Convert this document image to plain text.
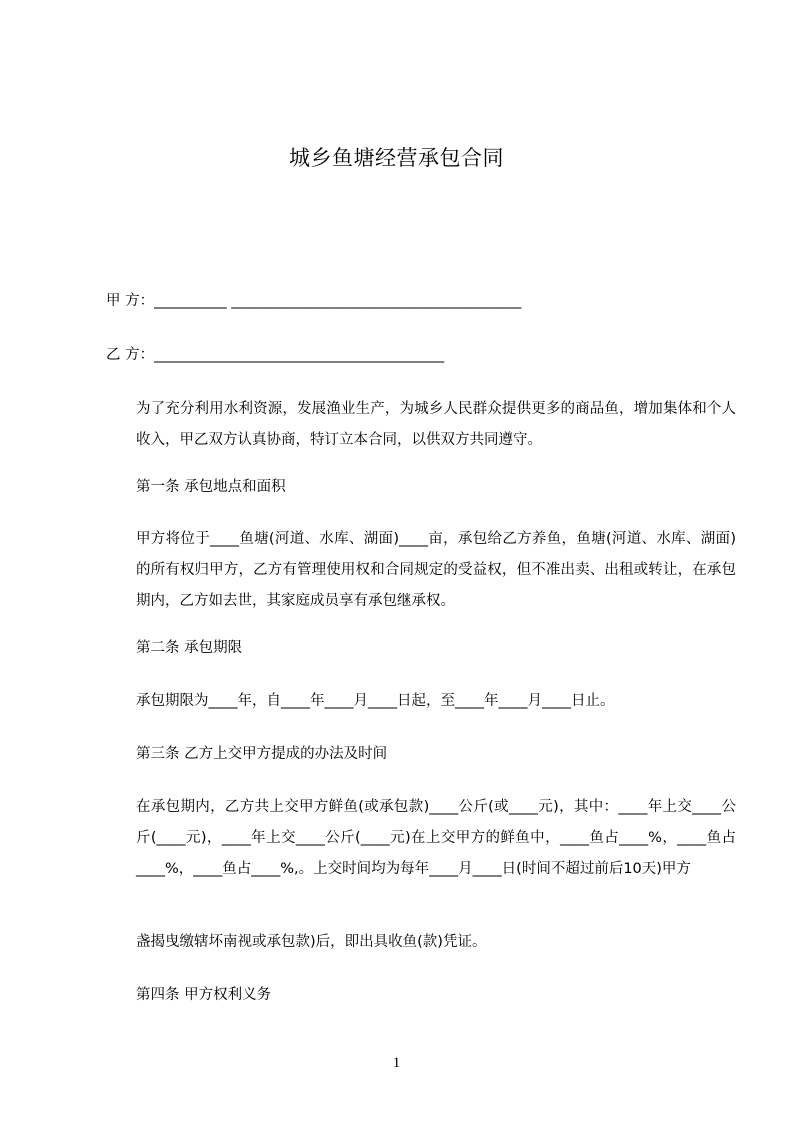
城乡鱼塘经营承包合同
甲 方：__________ ________________________________________
乙 方：________________________________________
为了充分利用水利资源，发展渔业生产，为城乡人民群众提供更多的商品鱼，增加集体和个人收入，甲乙双方认真协商，特订立本合同，以供双方共同遵守。
第一条 承包地点和面积
甲方将位于____鱼塘(河道、水库、湖面)____亩，承包给乙方养鱼，鱼塘(河道、水库、湖面)的所有权归甲方，乙方有管理使用权和合同规定的受益权，但不准出卖、出租或转让，在承包期内，乙方如去世，其家庭成员享有承包继承权。
第二条 承包期限
承包期限为____年，自____年____月____日起，至____年____月____日止。
第三条 乙方上交甲方提成的办法及时间
在承包期内，乙方共上交甲方鲜鱼(或承包款)____公斤(或____元)，其中：____年上交____公斤(____元)，____年上交____公斤(____元)在上交甲方的鲜鱼中，____鱼占____%，____鱼占____%，____鱼占____%,。上交时间均为每年____月____日(时间不超过前后10天)甲方
盏揭曳缴辖坏南视或承包款)后，即出具收鱼(款)凭证。
第四条 甲方权利义务
1
